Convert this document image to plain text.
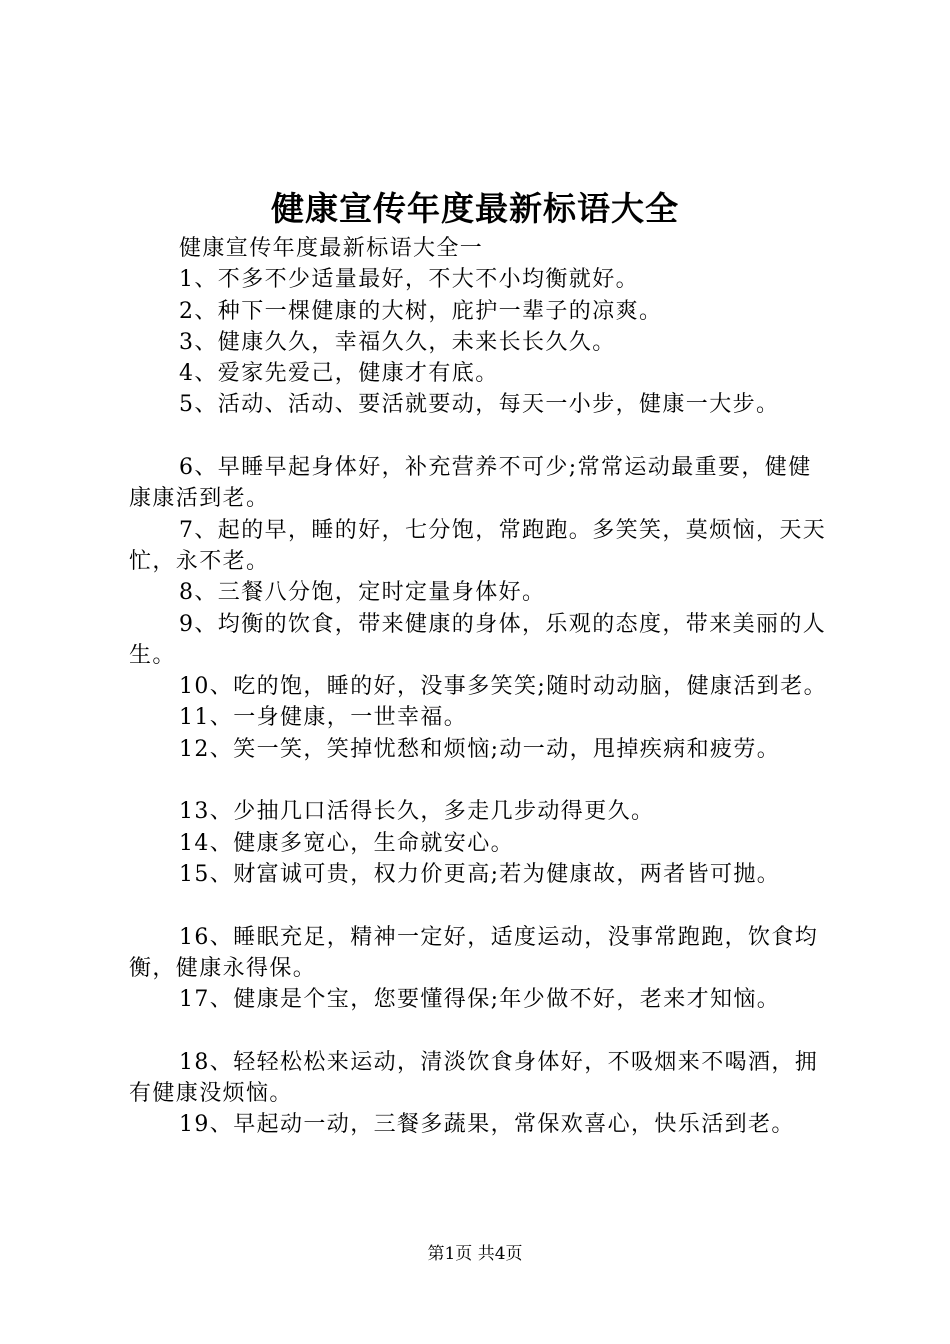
健康宣传年度最新标语大全

健康宣传年度最新标语大全一

1、不多不少适量最好，不大不小均衡就好。

2、种下一棵健康的大树，庇护一辈子的凉爽。

3、健康久久，幸福久久，未来长长久久。

4、爱家先爱己，健康才有底。

5、活动、活动、要活就要动，每天一小步，健康一大步。

6、早睡早起身体好，补充营养不可少;常常运动最重要，健健康康活到老。

7、起的早，睡的好，七分饱，常跑跑。多笑笑，莫烦恼，天天忙，永不老。

8、三餐八分饱，定时定量身体好。

9、均衡的饮食，带来健康的身体，乐观的态度，带来美丽的人生。

10、吃的饱，睡的好，没事多笑笑;随时动动脑，健康活到老。

11、一身健康，一世幸福。

12、笑一笑，笑掉忧愁和烦恼;动一动，甩掉疾病和疲劳。

13、少抽几口活得长久，多走几步动得更久。

14、健康多宽心，生命就安心。

15、财富诚可贵，权力价更高;若为健康故，两者皆可抛。

16、睡眠充足，精神一定好，适度运动，没事常跑跑，饮食均衡，健康永得保。

17、健康是个宝，您要懂得保;年少做不好，老来才知恼。

18、轻轻松松来运动，清淡饮食身体好，不吸烟来不喝酒，拥有健康没烦恼。

19、早起动一动，三餐多蔬果，常保欢喜心，快乐活到老。

第1页 共4页
